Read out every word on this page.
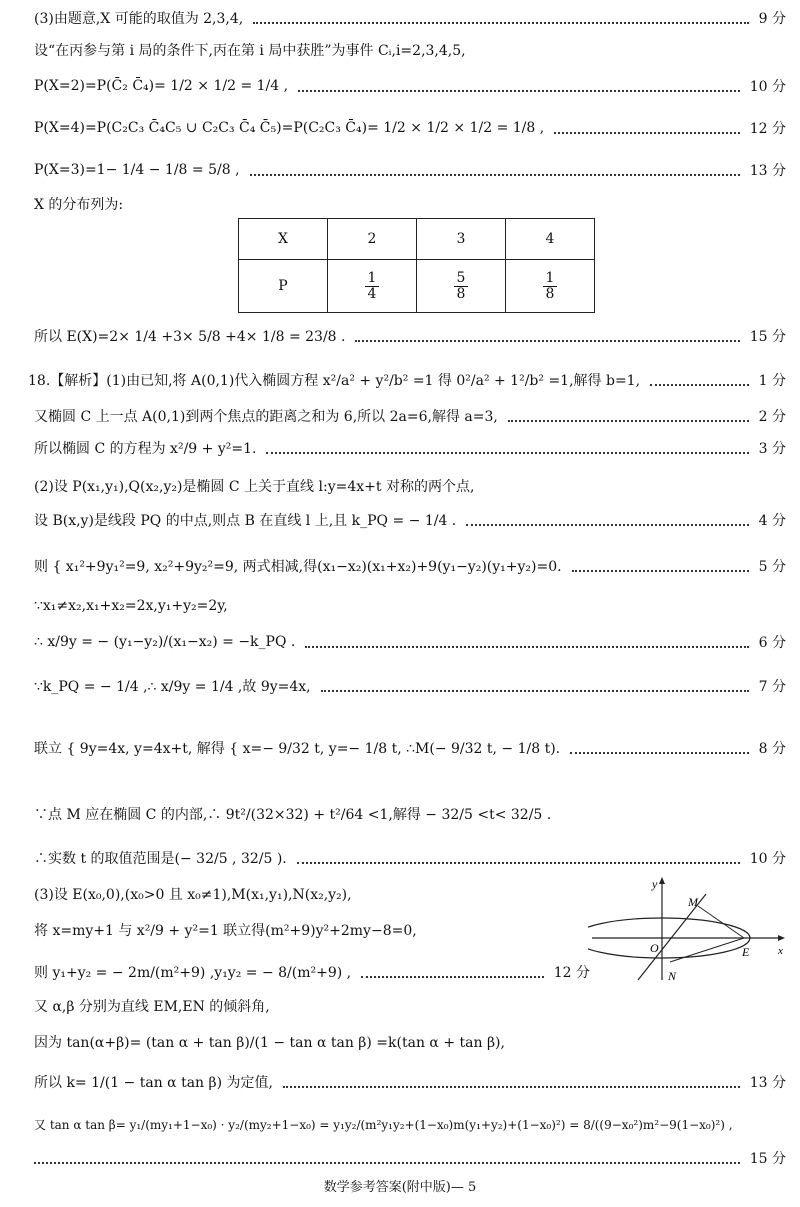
(3)由题意,X 可能的取值为 2,3,4,	9 分
设“在丙参与第 i 局的条件下,丙在第 i 局中获胜”为事件 Cᵢ,i=2,3,4,5,
P(X=2)=P(C̄₂ C̄₄)= 1/2 × 1/2 = 1/4 ,	10 分
P(X=4)=P(C₂C₃ C̄₄C₅ ∪ C₂C₃ C̄₄ C̄₅)=P(C₂C₃ C̄₄)= 1/2 × 1/2 × 1/2 = 1/8 ,	12 分
P(X=3)=1− 1/4 − 1/8 = 5/8 ,	13 分
X 的分布列为:
X	2	3	4
P	$\frac{1}{4}$	$\frac{5}{8}$	$\frac{1}{8}$
所以 E(X)=2× 1/4 +3× 5/8 +4× 1/8 = 23/8 .	15 分
18.【解析】(1)由已知,将 A(0,1)代入椭圆方程 x²/a² + y²/b² =1 得 0²/a² + 1²/b² =1,解得 b=1,	1 分
又椭圆 C 上一点 A(0,1)到两个焦点的距离之和为 6,所以 2a=6,解得 a=3,	2 分
所以椭圆 C 的方程为 x²/9 + y²=1.	3 分
(2)设 P(x₁,y₁),Q(x₂,y₂)是椭圆 C 上关于直线 l:y=4x+t 对称的两个点,
设 B(x,y)是线段 PQ 的中点,则点 B 在直线 l 上,且 k_PQ = − 1/4 .	4 分
则 { x₁²+9y₁²=9, x₂²+9y₂²=9, 两式相减,得(x₁−x₂)(x₁+x₂)+9(y₁−y₂)(y₁+y₂)=0.	5 分
∵x₁≠x₂,x₁+x₂=2x,y₁+y₂=2y,
∴ x/9y = − (y₁−y₂)/(x₁−x₂) = −k_PQ .	6 分
∵k_PQ = − 1/4 ,∴ x/9y = 1/4 ,故 9y=4x,	7 分
联立 { 9y=4x, y=4x+t, 解得 { x=− 9/32 t, y=− 1/8 t, ∴M(− 9/32 t, − 1/8 t).	8 分
∵点 M 应在椭圆 C 的内部,∴ 9t²/(32×32) + t²/64 <1,解得 − 32/5 <t< 32/5 .
∴实数 t 的取值范围是(− 32/5 , 32/5 ).	10 分
(3)设 E(x₀,0),(x₀>0 且 x₀≠1),M(x₁,y₁),N(x₂,y₂),
将 x=my+1 与 x²/9 + y²=1 联立得(m²+9)y²+2my−8=0,
则 y₁+y₂ = − 2m/(m²+9) ,y₁y₂ = − 8/(m²+9) ,	12 分
又 α,β 分别为直线 EM,EN 的倾斜角,
因为 tan(α+β)= (tan α + tan β)/(1 − tan α tan β) =k(tan α + tan β),
所以 k= 1/(1 − tan α tan β) 为定值,	13 分
又 tan α tan β= y₁/(my₁+1−x₀) · y₂/(my₂+1−x₀) = y₁y₂/(m²y₁y₂+(1−x₀)m(y₁+y₂)+(1−x₀)²) = 8/((9−x₀²)m²−9(1−x₀)²) ,
15 分
y
x
O
M
N
E
数学参考答案(附中版)— 5
